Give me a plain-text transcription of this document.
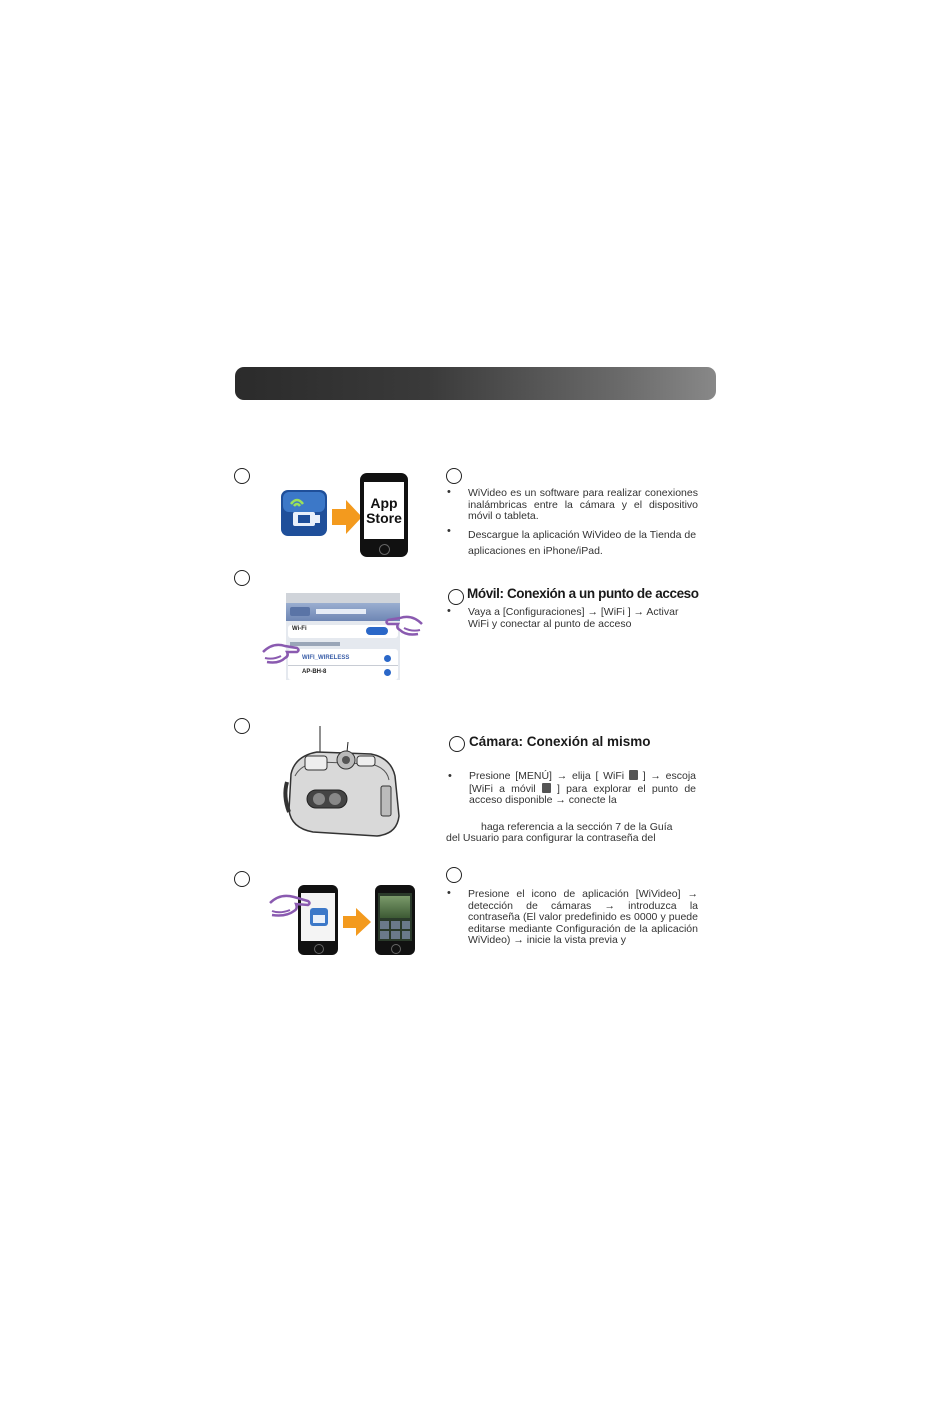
App
Store
• WiVideo es un software para realizar conexiones inalámbricas entre la cámara y el dispositivo móvil o tableta.
• Descargue la aplicación WiVideo de la Tienda de aplicaciones en iPhone/iPad.
Wi-Fi
WIFI_WIRELESS
AP-BH-8
Móvil: Conexión a un punto de acceso
• Vaya a [Configuraciones] → [WiFi ] → Activar WiFi y conectar al punto de acceso
Cámara: Conexión al mismo
• Presione [MENÚ] → elija [ WiFi ] → escoja [WiFi a móvil ] para explorar el punto de acceso disponible → conecte la
haga referencia a la sección 7 de la Guía
del Usuario para configurar la contraseña del
• Presione el icono de aplicación [WiVideo] → detección de cámaras → introduzca la contraseña (El valor predefinido es 0000 y puede editarse mediante Configuración de la aplicación WiVideo) → inicie la vista previa y
